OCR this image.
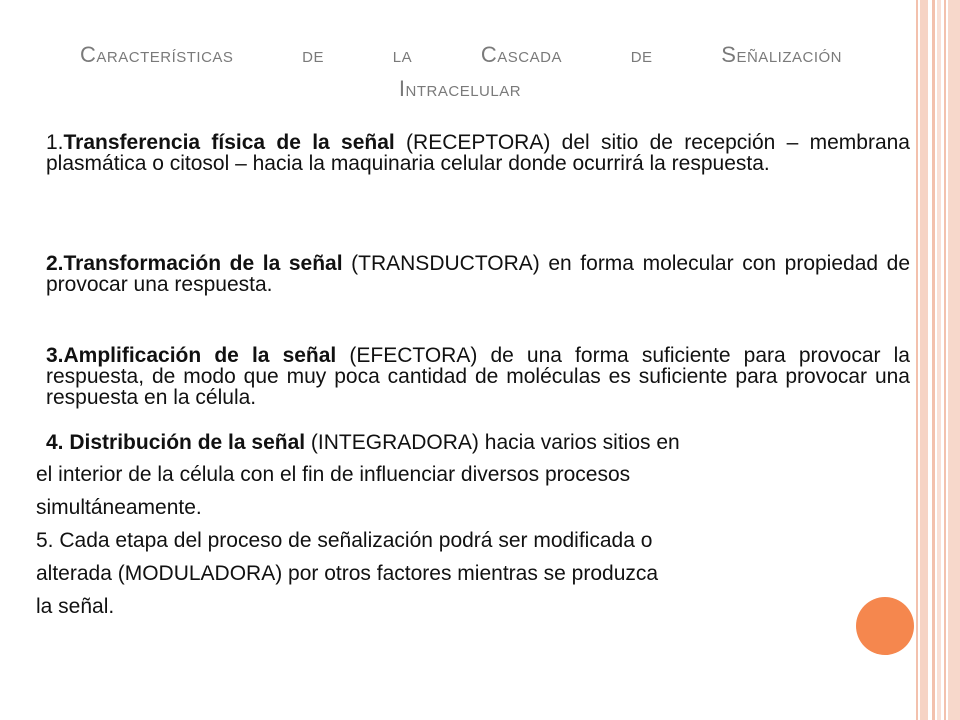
Características	de	la	Cascada	de	Señalización
Intracelular
1.Transferencia física de la señal (RECEPTORA) del sitio de recepción – membrana plasmática o citosol – hacia la maquinaria celular donde ocurrirá la respuesta.
2.Transformación de la señal (TRANSDUCTORA) en forma molecular con propiedad de provocar una respuesta.
3.Amplificación de la señal (EFECTORA) de una forma suficiente para provocar la respuesta, de modo que muy poca cantidad de moléculas es suficiente para provocar una respuesta en la célula.
4. Distribución de la señal (INTEGRADORA) hacia varios sitios en
el interior de la célula con el fin de influenciar diversos procesos
simultáneamente.
5. Cada etapa del proceso de señalización podrá ser modificada o
alterada (MODULADORA) por otros factores mientras se produzca
la señal.
